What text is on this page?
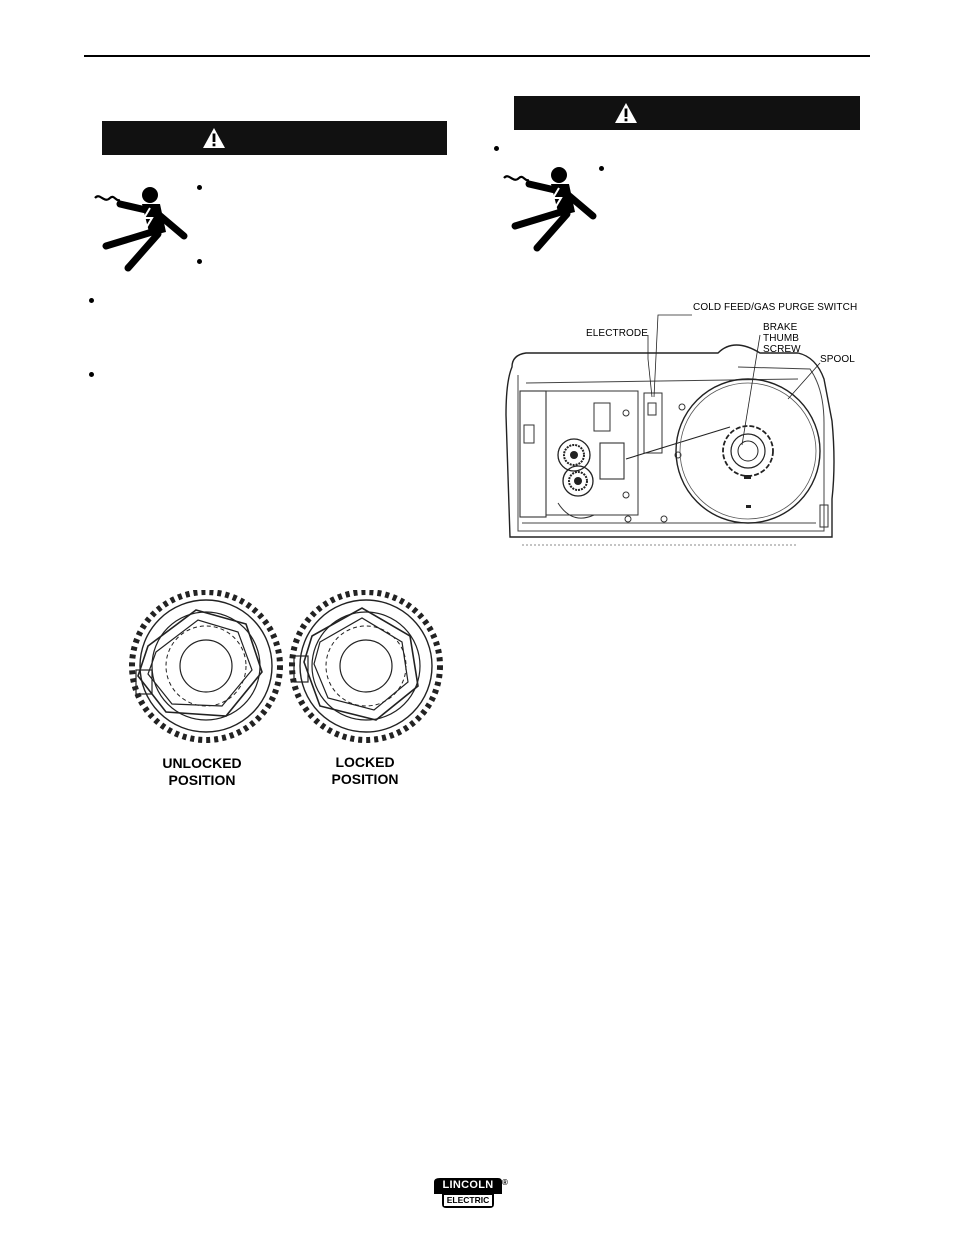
COLD FEED/GAS PURGE SWITCH
ELECTRODE
BRAKE
THUMB
SCREW
SPOOL
UNLOCKED
POSITION
LOCKED
POSITION
LINCOLN
ELECTRIC
®
